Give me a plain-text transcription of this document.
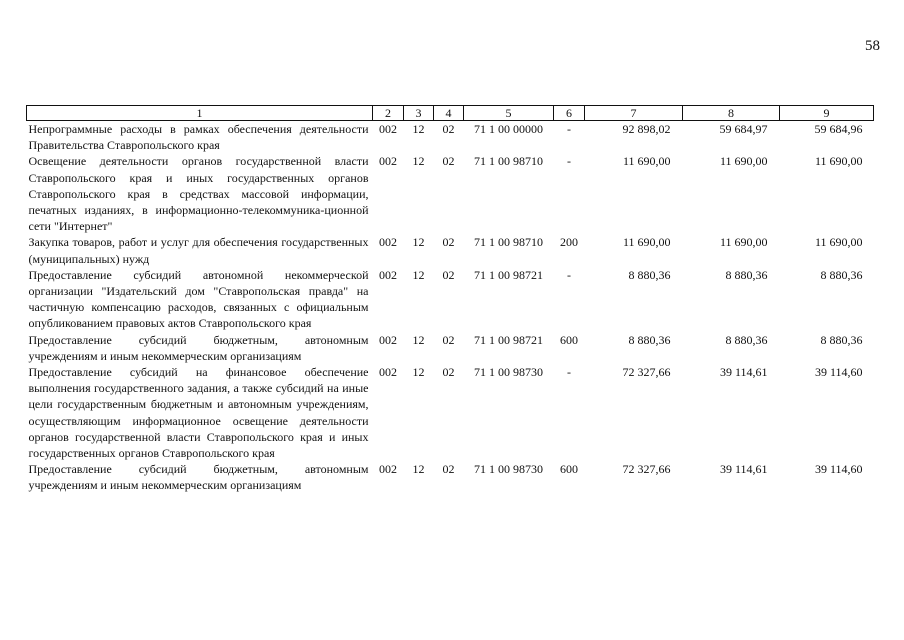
58
1	2	3	4	5	6	7	8	9
Непрограммные расходы в рамках обеспечения деятельности Правительства Ставропольского края	002	12	02	71 1 00 00000	-	92 898,02	59 684,97	59 684,96
Освещение деятельности органов государственной власти Ставропольского края и иных государственных органов Ставропольского края в средствах массовой информации, печатных изданиях, в информационно-телекоммуника-ционной сети "Интернет"	002	12	02	71 1 00 98710	-	11 690,00	11 690,00	11 690,00
Закупка товаров, работ и услуг для обеспечения государственных (муниципальных) нужд	002	12	02	71 1 00 98710	200	11 690,00	11 690,00	11 690,00
Предоставление субсидий автономной некоммерческой организации "Издательский дом "Ставропольская правда" на частичную компенсацию расходов, связанных с официальным опубликованием правовых актов Ставропольского края	002	12	02	71 1 00 98721	-	8 880,36	8 880,36	8 880,36
Предоставление субсидий бюджетным, автономным учреждениям и иным некоммерческим организациям	002	12	02	71 1 00 98721	600	8 880,36	8 880,36	8 880,36
Предоставление субсидий на финансовое обеспечение выполнения государственного задания, а также субсидий на иные цели государственным бюджетным и автономным учреждениям, осуществляющим информационное освещение деятельности органов государственной власти Ставропольского края и иных государственных органов Ставропольского края	002	12	02	71 1 00 98730	-	72 327,66	39 114,61	39 114,60
Предоставление субсидий бюджетным, автономным учреждениям и иным некоммерческим организациям	002	12	02	71 1 00 98730	600	72 327,66	39 114,61	39 114,60
